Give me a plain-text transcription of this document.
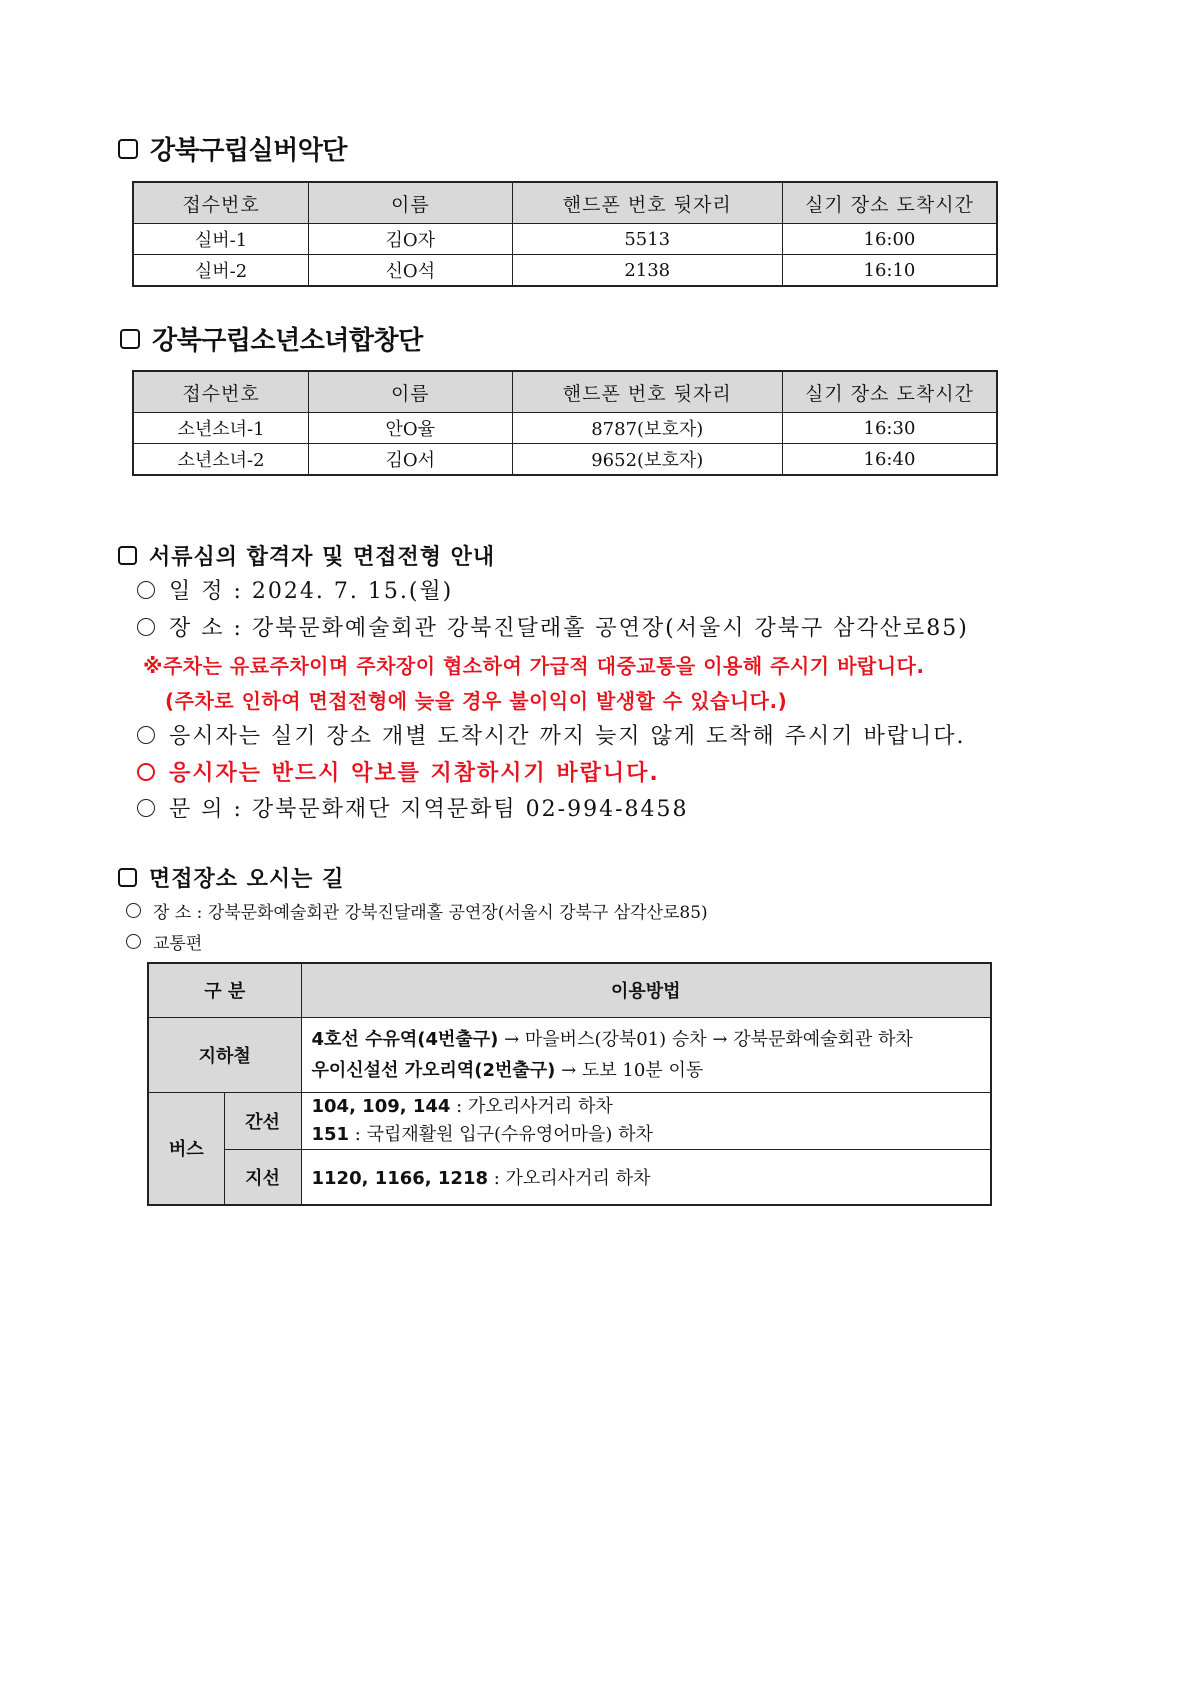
강북구립실버악단
접수번호	이름	핸드폰 번호 뒷자리	실기 장소 도착시간
실버-1	김O자	5513	16:00
실버-2	신O석	2138	16:10
강북구립소년소녀합창단
접수번호	이름	핸드폰 번호 뒷자리	실기 장소 도착시간
소년소녀-1	안O율	8787(보호자)	16:30
소년소녀-2	김O서	9652(보호자)	16:40
서류심의 합격자 및 면접전형 안내
일 정 : 2024. 7. 15.(월)
장 소 : 강북문화예술회관 강북진달래홀 공연장(서울시 강북구 삼각산로85)
※주차는 유료주차이며 주차장이 협소하여 가급적 대중교통을 이용해 주시기 바랍니다.
(주차로 인하여 면접전형에 늦을 경우 불이익이 발생할 수 있습니다.)
응시자는 실기 장소 개별 도착시간 까지 늦지 않게 도착해 주시기 바랍니다.
응시자는 반드시 악보를 지참하시기 바랍니다.
문 의 : 강북문화재단 지역문화팀 02-994-8458
면접장소 오시는 길
장 소 : 강북문화예술회관 강북진달래홀 공연장(서울시 강북구 삼각산로85)
교통편
구 분		이용방법
지하철		4호선 수유역(4번출구) → 마을버스(강북01) 승차 → 강북문화예술회관 하차
우이신설선 가오리역(2번출구) → 도보 10분 이동

버스	간선	104, 109, 144 : 가오리사거리 하차
151 : 국립재활원 입구(수유영어마을) 하차

	지선	1120, 1166, 1218 : 가오리사거리 하차
